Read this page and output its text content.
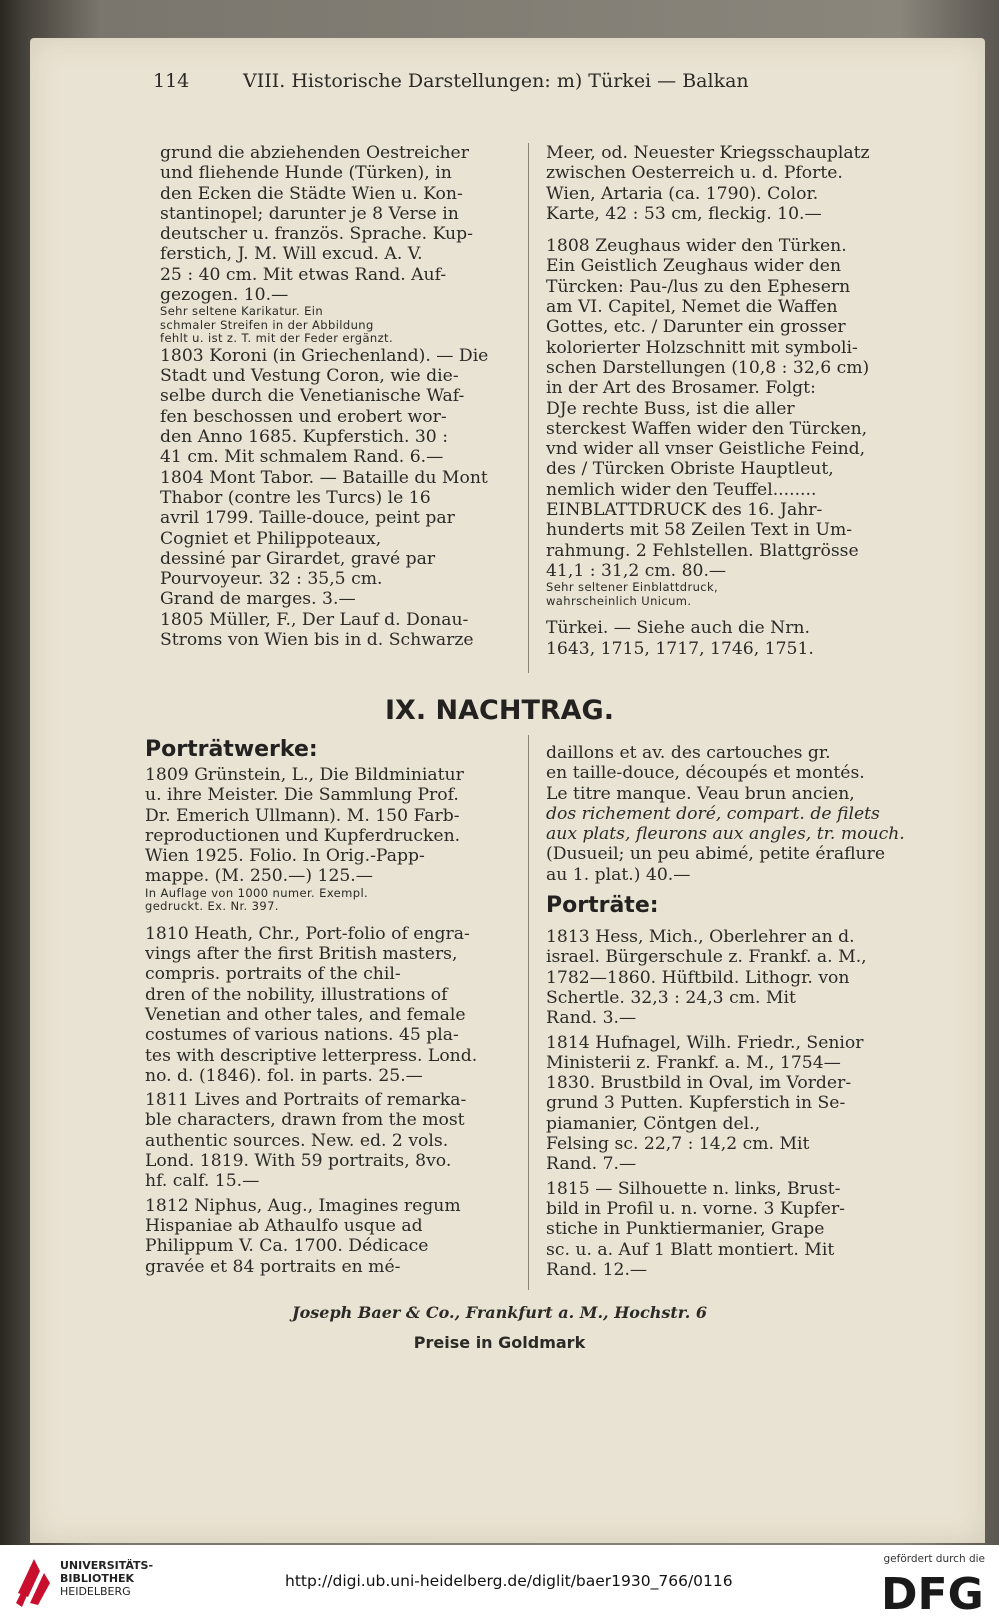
114	VIII. Historische Darstellungen: m) Türkei — Balkan
grund die abziehenden Oestreicher
und fliehende Hunde (Türken), in
den Ecken die Städte Wien u. Kon-
stantinopel; darunter je 8 Verse in
deutscher u. französ. Sprache. Kup-
ferstich, J. M. Will excud. A. V.
25 : 40 cm. Mit etwas Rand. Auf-
gezogen. 10.—
Sehr seltene Karikatur. Ein
schmaler Streifen in der Abbildung
fehlt u. ist z. T. mit der Feder ergänzt.
1803 Koroni (in Griechenland). — Die
Stadt und Vestung Coron, wie die-
selbe durch die Venetianische Waf-
fen beschossen und erobert wor-
den Anno 1685. Kupferstich. 30 :
41 cm. Mit schmalem Rand. 6.—
1804 Mont Tabor. — Bataille du Mont
Thabor (contre les Turcs) le 16
avril 1799. Taille-douce, peint par
Cogniet et Philippoteaux,
dessiné par Girardet, gravé par
Pourvoyeur. 32 : 35,5 cm.
Grand de marges. 3.—
1805 Müller, F., Der Lauf d. Donau-
Stroms von Wien bis in d. Schwarze
Meer, od. Neuester Kriegsschauplatz
zwischen Oesterreich u. d. Pforte.
Wien, Artaria (ca. 1790). Color.
Karte, 42 : 53 cm, fleckig. 10.—
1808 Zeughaus wider den Türken.
Ein Geistlich Zeughaus wider den
Türcken: Pau-/lus zu den Ephesern
am VI. Capitel, Nemet die Waffen
Gottes, etc. / Darunter ein grosser
kolorierter Holzschnitt mit symboli-
schen Darstellungen (10,8 : 32,6 cm)
in der Art des Brosamer. Folgt:
DJe rechte Buss, ist die aller
sterckest Waffen wider den Türcken,
vnd wider all vnser Geistliche Feind,
des / Türcken Obriste Hauptleut,
nemlich wider den Teuffel........
EINBLATTDRUCK des 16. Jahr-
hunderts mit 58 Zeilen Text in Um-
rahmung. 2 Fehlstellen. Blattgrösse
41,1 : 31,2 cm. 80.—
Sehr seltener Einblattdruck,
wahrscheinlich Unicum.
Türkei. — Siehe auch die Nrn.
1643, 1715, 1717, 1746, 1751.
IX. NACHTRAG.
Porträtwerke:
1809 Grünstein, L., Die Bildminiatur
u. ihre Meister. Die Sammlung Prof.
Dr. Emerich Ullmann). M. 150 Farb-
reproductionen und Kupferdrucken.
Wien 1925. Folio. In Orig.-Papp-
mappe. (M. 250.—) 125.—
In Auflage von 1000 numer. Exempl.
gedruckt. Ex. Nr. 397.
1810 Heath, Chr., Port-folio of engra-
vings after the first British masters,
compris. portraits of the chil-
dren of the nobility, illustrations of
Venetian and other tales, and female
costumes of various nations. 45 pla-
tes with descriptive letterpress. Lond.
no. d. (1846). fol. in parts. 25.—
1811 Lives and Portraits of remarka-
ble characters, drawn from the most
authentic sources. New. ed. 2 vols.
Lond. 1819. With 59 portraits, 8vo.
hf. calf. 15.—
1812 Niphus, Aug., Imagines regum
Hispaniae ab Athaulfo usque ad
Philippum V. Ca. 1700. Dédicace
gravée et 84 portraits en mé-
daillons et av. des cartouches gr.
en taille-douce, découpés et montés.
Le titre manque. Veau brun ancien,
dos richement doré, compart. de filets
aux plats, fleurons aux angles, tr. mouch.
(Dusueil; un peu abimé, petite éraflure
au 1. plat.) 40.—
Porträte:
1813 Hess, Mich., Oberlehrer an d.
israel. Bürgerschule z. Frankf. a. M.,
1782—1860. Hüftbild. Lithogr. von
Schertle. 32,3 : 24,3 cm. Mit
Rand. 3.—
1814 Hufnagel, Wilh. Friedr., Senior
Ministerii z. Frankf. a. M., 1754—
1830. Brustbild in Oval, im Vorder-
grund 3 Putten. Kupferstich in Se-
piamanier, Cöntgen del.,
Felsing sc. 22,7 : 14,2 cm. Mit
Rand. 7.—
1815 — Silhouette n. links, Brust-
bild in Profil u. n. vorne. 3 Kupfer-
stiche in Punktiermanier, Grape
sc. u. a. Auf 1 Blatt montiert. Mit
Rand. 12.—
Joseph Baer & Co., Frankfurt a. M., Hochstr. 6
Preise in Goldmark
UNIVERSITÄTS-
BIBLIOTHEK
HEIDELBERG
http://digi.ub.uni-heidelberg.de/diglit/baer1930_766/0116
gefördert durch die
DFG
